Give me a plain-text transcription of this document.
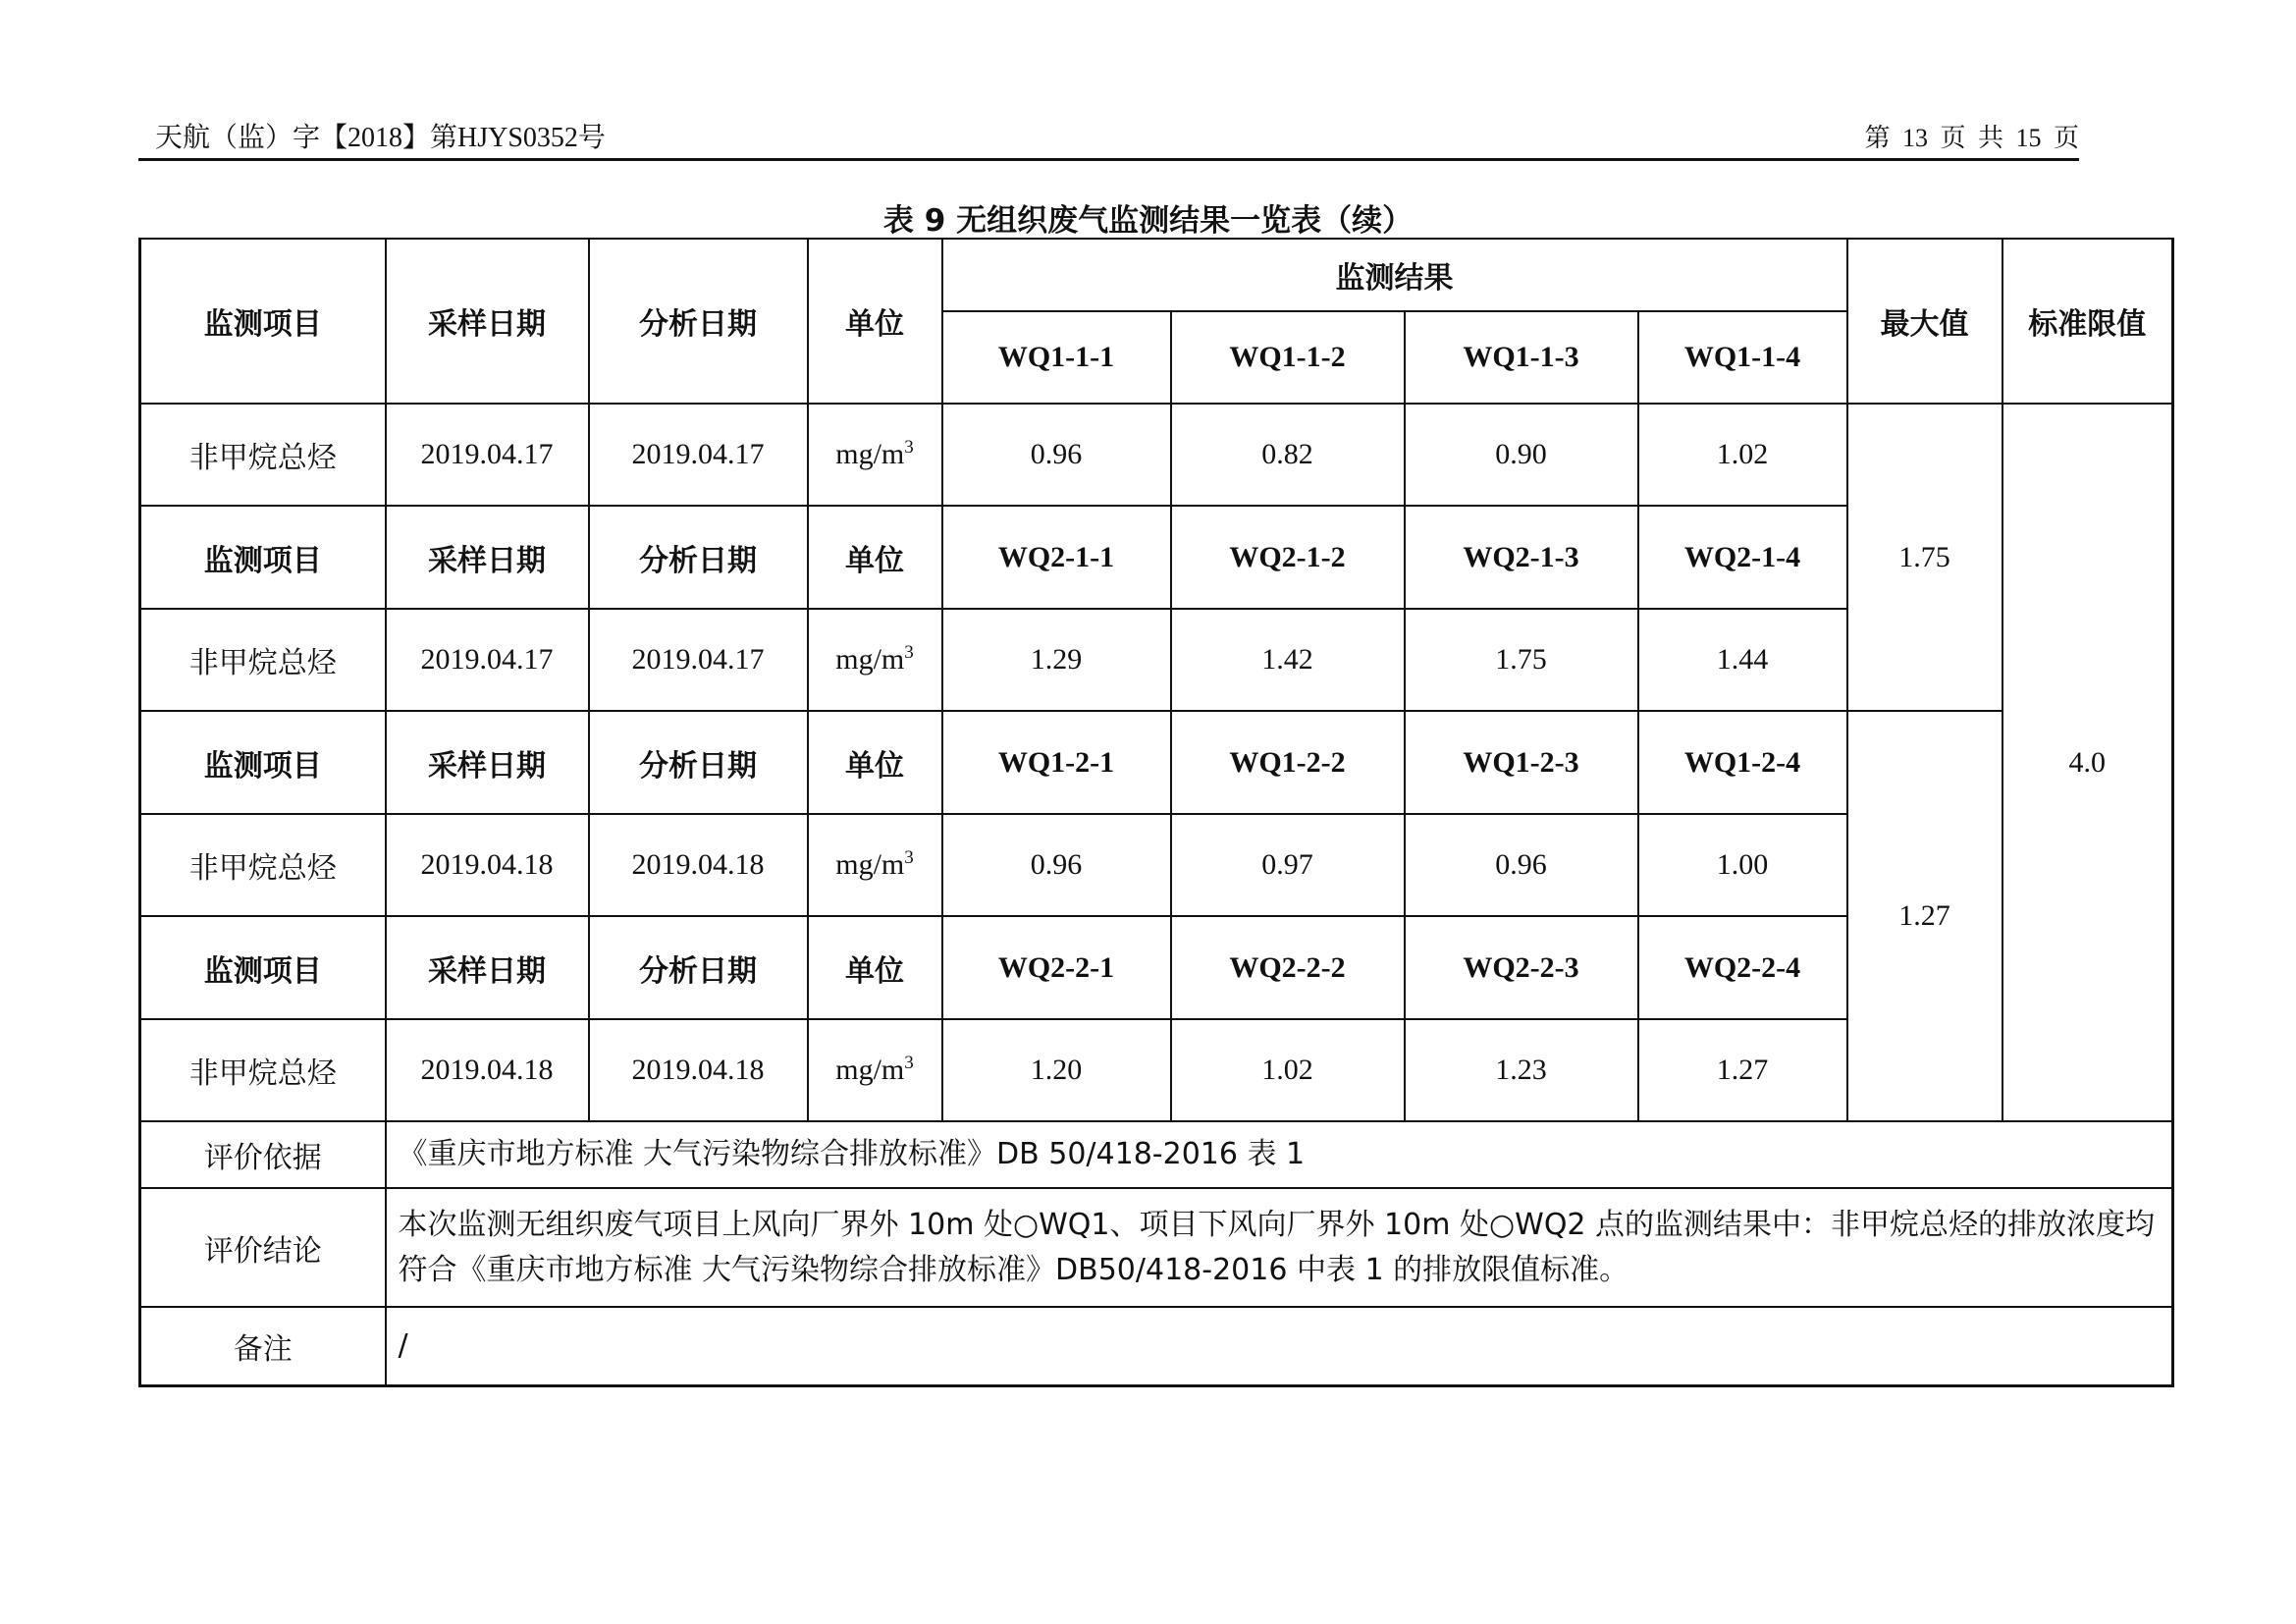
天航（监）字【2018】第HJYS0352号	第 13 页 共 15 页
表 9 无组织废气监测结果一览表（续）
监测项目	采样日期	分析日期	单位	监测结果				最大值	标准限值
				WQ1-1-1	WQ1-1-2	WQ1-1-3	WQ1-1-4		
非甲烷总烃	2019.04.17	2019.04.17	$mg/m^3$	0.96	0.82	0.90	1.02	1.75	4.0
监测项目	采样日期	分析日期	单位	WQ2-1-1	WQ2-1-2	WQ2-1-3	WQ2-1-4		
非甲烷总烃	2019.04.17	2019.04.17	$mg/m^3$	1.29	1.42	1.75	1.44		
监测项目	采样日期	分析日期	单位	WQ1-2-1	WQ1-2-2	WQ1-2-3	WQ1-2-4	1.27	
非甲烷总烃	2019.04.18	2019.04.18	$mg/m^3$	0.96	0.97	0.96	1.00		
监测项目	采样日期	分析日期	单位	WQ2-2-1	WQ2-2-2	WQ2-2-3	WQ2-2-4		
非甲烷总烃	2019.04.18	2019.04.18	$mg/m^3$	1.20	1.02	1.23	1.27		
评价依据	《重庆市地方标准 大气污染物综合排放标准》DB 50/418-2016 表 1								
评价结论	本次监测无组织废气项目上风向厂界外 10m 处○WQ1、项目下风向厂界外 10m 处○WQ2 点的监测结果中：非甲烷总烃的排放浓度均符合《重庆市地方标准 大气污染物综合排放标准》DB50/418-2016 中表 1 的排放限值标准。								
备注	/								
